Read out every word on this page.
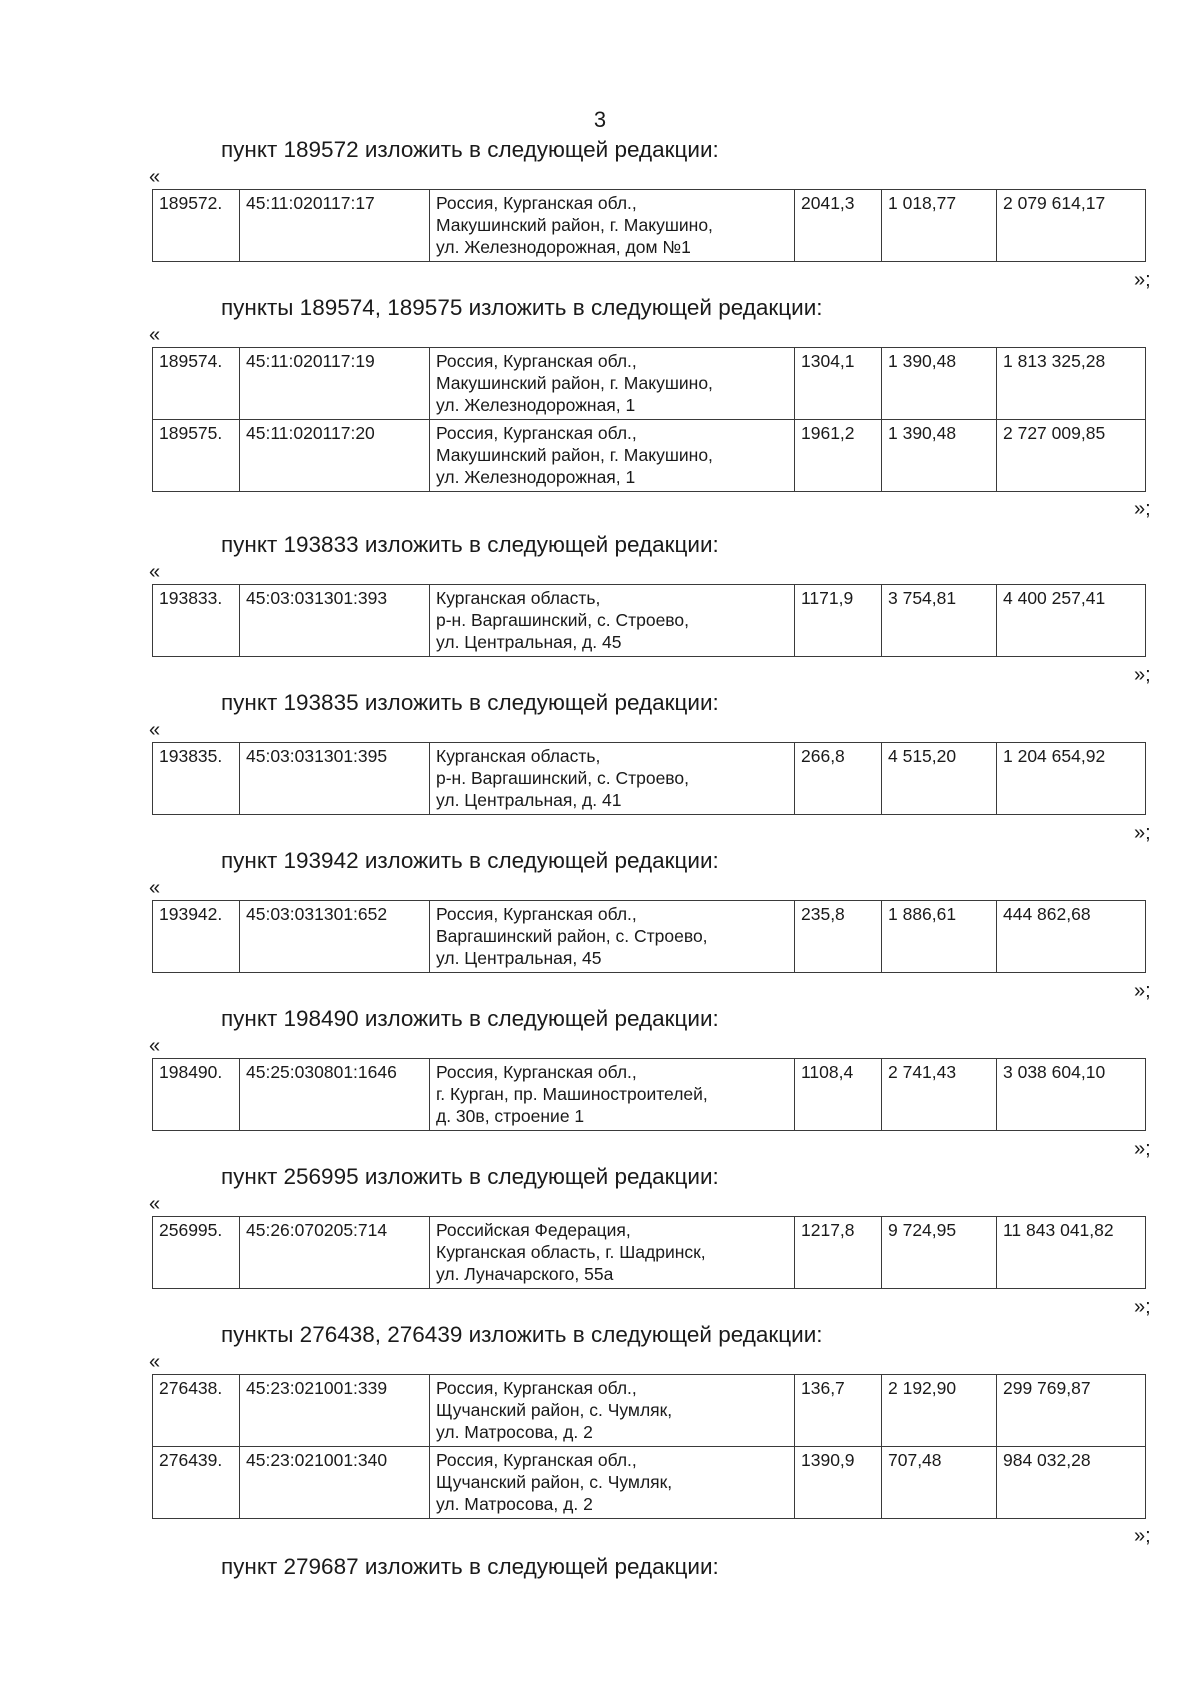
3
пункт 189572 изложить в следующей редакции:
«
189572.	45:11:020117:17	Россия, Курганская обл.,
Макушинский район, г. Макушино,
ул. Железнодорожная, дом №1
	2041,3	1 018,77	2 079 614,17
»;
пункты 189574, 189575 изложить в следующей редакции:
«
189574.	45:11:020117:19	Россия, Курганская обл.,
Макушинский район, г. Макушино,
ул. Железнодорожная, 1	1304,1	1 390,48	1 813 325,28
189575.	45:11:020117:20	Россия, Курганская обл.,
Макушинский район, г. Макушино,
ул. Железнодорожная, 1	1961,2	1 390,48	2 727 009,85
»;
пункт 193833 изложить в следующей редакции:
«
193833.	45:03:031301:393	Курганская область,
р-н. Варгашинский, с. Строево,
ул. Центральная, д. 45
	1171,9	3 754,81	4 400 257,41
»;
пункт 193835 изложить в следующей редакции:
«
193835.	45:03:031301:395	Курганская область,
р-н. Варгашинский, с. Строево,
ул. Центральная, д. 41
	266,8	4 515,20	1 204 654,92
»;
пункт 193942 изложить в следующей редакции:
«
193942.	45:03:031301:652	Россия, Курганская обл.,
Варгашинский район, с. Строево,
ул. Центральная, 45
	235,8	1 886,61	444 862,68
»;
пункт 198490 изложить в следующей редакции:
«
198490.	45:25:030801:1646	Россия, Курганская обл.,
г. Курган, пр. Машиностроителей,
д. 30в, строение 1
	1108,4	2 741,43	3 038 604,10
»;
пункт 256995 изложить в следующей редакции:
«
256995.	45:26:070205:714	Российская Федерация,
Курганская область, г. Шадринск,
ул. Луначарского, 55а
	1217,8	9 724,95	11 843 041,82
»;
пункты 276438, 276439 изложить в следующей редакции:
«
276438.	45:23:021001:339	Россия, Курганская обл.,
Щучанский район, с. Чумляк,
ул. Матросова, д. 2	136,7	2 192,90	299 769,87
276439.	45:23:021001:340	Россия, Курганская обл.,
Щучанский район, с. Чумляк,
ул. Матросова, д. 2	1390,9	707,48	984 032,28
»;
пункт 279687 изложить в следующей редакции:
